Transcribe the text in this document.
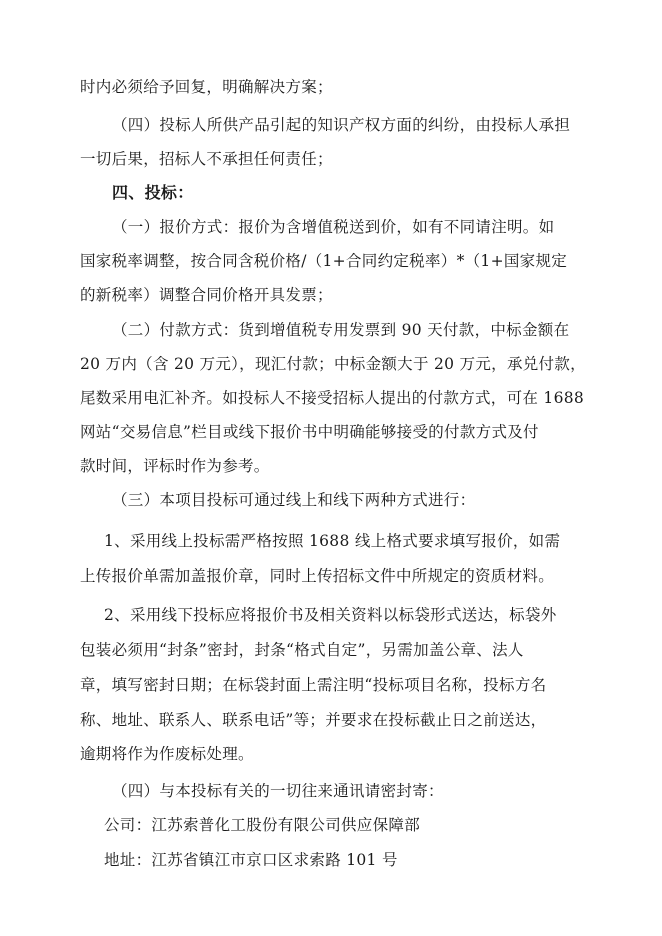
时内必须给予回复，明确解决方案；
（四）投标人所供产品引起的知识产权方面的纠纷，由投标人承担
一切后果，招标人不承担任何责任；
四、投标：
（一）报价方式：报价为含增值税送到价，如有不同请注明。如
国家税率调整，按合同含税价格/（1+合同约定税率）*（1+国家规定
的新税率）调整合同价格开具发票；
（二）付款方式：货到增值税专用发票到 90 天付款，中标金额在
20 万内（含 20 万元），现汇付款；中标金额大于 20 万元，承兑付款，
尾数采用电汇补齐。如投标人不接受招标人提出的付款方式，可在 1688
网站“交易信息”栏目或线下报价书中明确能够接受的付款方式及付
款时间，评标时作为参考。
（三）本项目投标可通过线上和线下两种方式进行：
1、采用线上投标需严格按照 1688 线上格式要求填写报价，如需
上传报价单需加盖报价章，同时上传招标文件中所规定的资质材料。
2、采用线下投标应将报价书及相关资料以标袋形式送达，标袋外
包装必须用“封条”密封，封条“格式自定”，另需加盖公章、法人
章，填写密封日期；在标袋封面上需注明“投标项目名称，投标方名
称、地址、联系人、联系电话”等；并要求在投标截止日之前送达，
逾期将作为作废标处理。
（四）与本投标有关的一切往来通讯请密封寄：
公司：江苏索普化工股份有限公司供应保障部
地址：江苏省镇江市京口区求索路 101 号
